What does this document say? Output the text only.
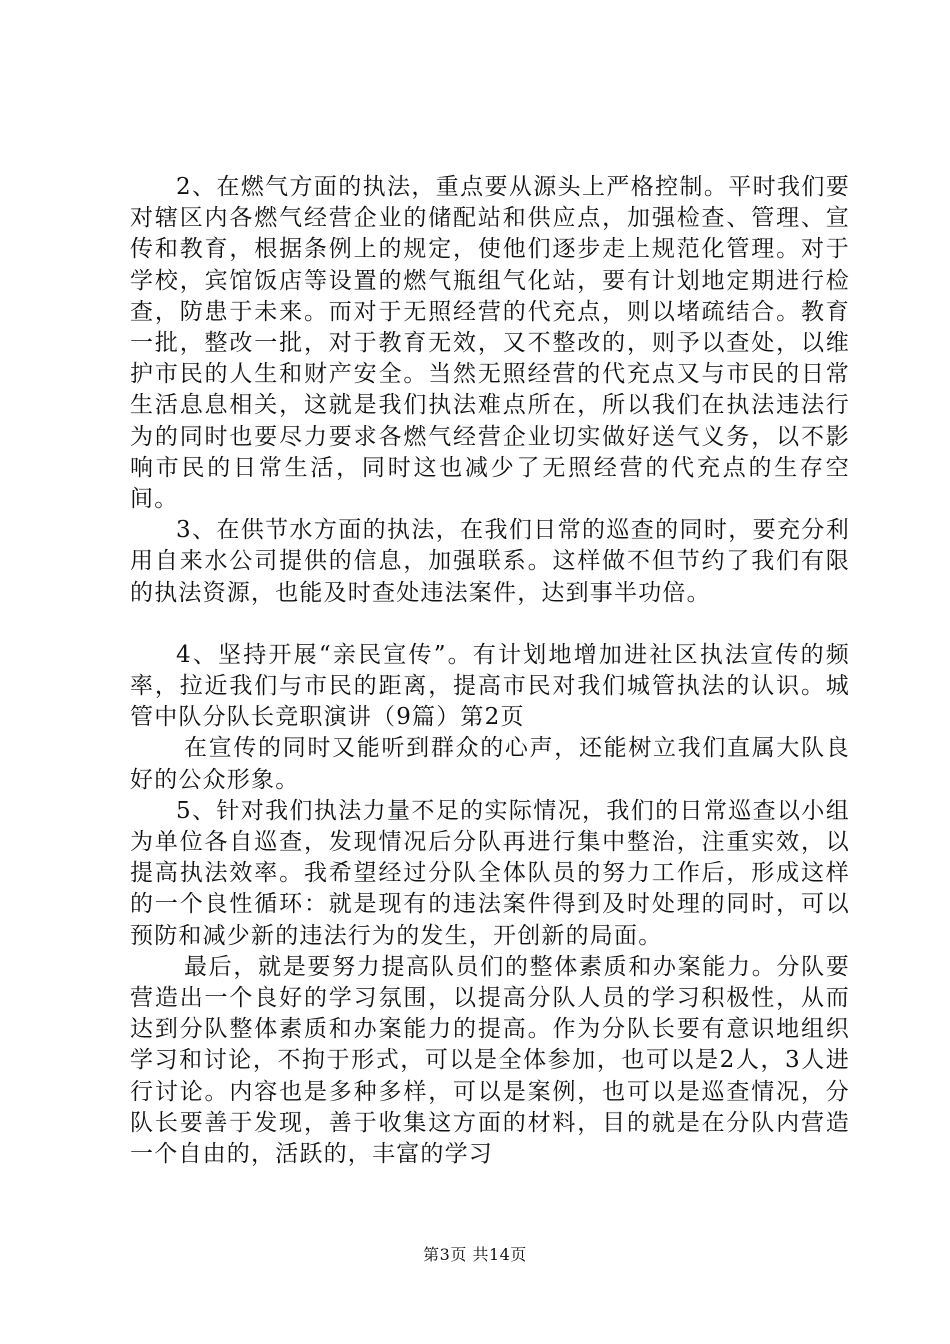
2、在燃气方面的执法，重点要从源头上严格控制。平时我们要对辖区内各燃气经营企业的储配站和供应点，加强检查、管理、宣传和教育，根据条例上的规定，使他们逐步走上规范化管理。对于学校，宾馆饭店等设置的燃气瓶组气化站，要有计划地定期进行检查，防患于未来。而对于无照经营的代充点，则以堵疏结合。教育一批，整改一批，对于教育无效，又不整改的，则予以查处，以维护市民的人生和财产安全。当然无照经营的代充点又与市民的日常生活息息相关，这就是我们执法难点所在，所以我们在执法违法行为的同时也要尽力要求各燃气经营企业切实做好送气义务，以不影响市民的日常生活，同时这也减少了无照经营的代充点的生存空间。

3、在供节水方面的执法，在我们日常的巡查的同时，要充分利用自来水公司提供的信息，加强联系。这样做不但节约了我们有限的执法资源，也能及时查处违法案件，达到事半功倍。

4、坚持开展“亲民宣传”。有计划地增加进社区执法宣传的频率，拉近我们与市民的距离，提高市民对我们城管执法的认识。城管中队分队长竞职演讲（9篇）第2页

在宣传的同时又能听到群众的心声，还能树立我们直属大队良好的公众形象。

5、针对我们执法力量不足的实际情况，我们的日常巡查以小组为单位各自巡查，发现情况后分队再进行集中整治，注重实效，以提高执法效率。我希望经过分队全体队员的努力工作后，形成这样的一个良性循环：就是现有的违法案件得到及时处理的同时，可以预防和减少新的违法行为的发生，开创新的局面。

最后，就是要努力提高队员们的整体素质和办案能力。分队要营造出一个良好的学习氛围，以提高分队人员的学习积极性，从而达到分队整体素质和办案能力的提高。作为分队长要有意识地组织学习和讨论，不拘于形式，可以是全体参加，也可以是2人，3人进行讨论。内容也是多种多样，可以是案例，也可以是巡查情况，分队长要善于发现，善于收集这方面的材料，目的就是在分队内营造一个自由的，活跃的，丰富的学习

第3页 共14页
